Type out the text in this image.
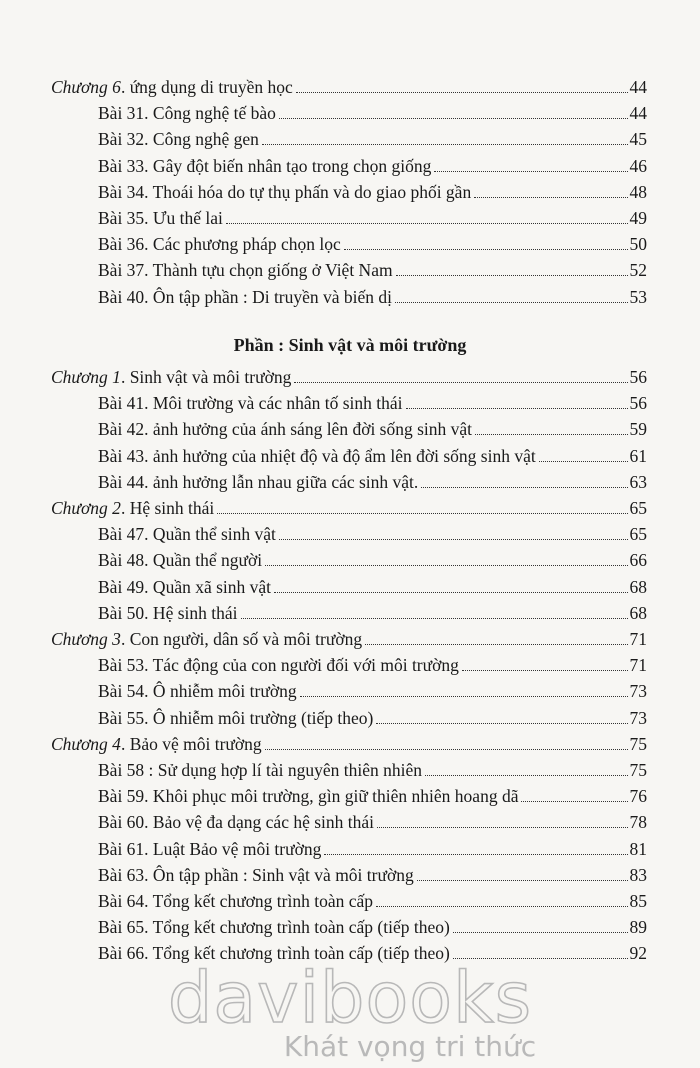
Phần : Sinh vật và môi trường
Chương 6. ứng dụng di truyền học	44
Bài 31. Công nghệ tế bào	44
Bài 32. Công nghệ gen	45
Bài 33. Gây đột biến nhân tạo trong chọn giống	46
Bài 34. Thoái hóa do tự thụ phấn và do giao phối gần	48
Bài 35. Ưu thế lai	49
Bài 36. Các phương pháp chọn lọc	50
Bài 37. Thành tựu chọn giống ở Việt Nam	52
Bài 40. Ôn tập phần : Di truyền và biến dị	53
Chương 1. Sinh vật và môi trường	56
Bài 41. Môi trường và các nhân tố sinh thái	56
Bài 42. ảnh hưởng của ánh sáng lên đời sống sinh vật	59
Bài 43. ảnh hưởng của nhiệt độ và độ ẩm lên đời sống sinh vật	61
Bài 44. ảnh hưởng lẫn nhau giữa các sinh vật.	63
Chương 2. Hệ sinh thái	65
Bài 47. Quần thể sinh vật	65
Bài 48. Quần thể người	66
Bài 49. Quần xã sinh vật	68
Bài 50. Hệ sinh thái	68
Chương 3. Con người, dân số và môi trường	71
Bài 53. Tác động của con người đối với môi trường	71
Bài 54. Ô nhiễm môi trường	73
Bài 55. Ô nhiễm môi trường (tiếp theo)	73
Chương 4. Bảo vệ môi trường	75
Bài 58 : Sử dụng hợp lí tài nguyên thiên nhiên	75
Bài 59. Khôi phục môi trường, gìn giữ thiên nhiên hoang dã	76
Bài 60. Bảo vệ đa dạng các hệ sinh thái	78
Bài 61. Luật Bảo vệ môi trường	81
Bài 63. Ôn tập phần : Sinh vật và môi trường	83
Bài 64. Tổng kết chương trình toàn cấp	85
Bài 65. Tổng kết chương trình toàn cấp (tiếp theo)	89
Bài 66. Tổng kết chương trình toàn cấp (tiếp theo)	92
davibooks
Khát vọng tri thức
